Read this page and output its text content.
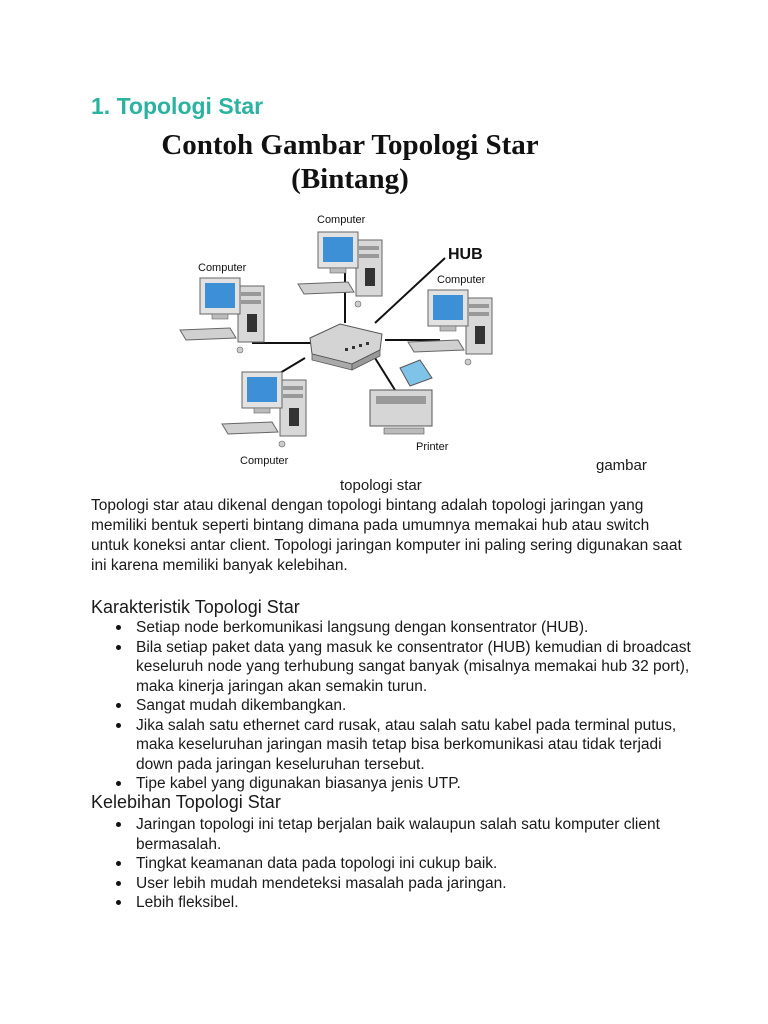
1. Topologi Star
Computer
Computer
Computer
Computer
HUB
Printer
Contoh Gambar Topologi Star
(Bintang)
gambar
topologi star

Topologi star atau dikenal dengan topologi bintang adalah topologi jaringan yang memiliki bentuk seperti bintang dimana pada umumnya memakai hub atau switch untuk koneksi antar client. Topologi jaringan komputer ini paling sering digunakan saat ini karena memiliki banyak kelebihan.

Karakteristik Topologi Star
Setiap node berkomunikasi langsung dengan konsentrator (HUB).
Bila setiap paket data yang masuk ke consentrator (HUB) kemudian di broadcast keseluruh node yang terhubung sangat banyak (misalnya memakai hub 32 port), maka kinerja jaringan akan semakin turun.
Sangat mudah dikembangkan.
Jika salah satu ethernet card rusak, atau salah satu kabel pada terminal putus, maka keseluruhan jaringan masih tetap bisa berkomunikasi atau tidak terjadi down pada jaringan keseluruhan tersebut.
Tipe kabel yang digunakan biasanya jenis UTP.
Kelebihan Topologi Star
Jaringan topologi ini tetap berjalan baik walaupun salah satu komputer client bermasalah.
Tingkat keamanan data pada topologi ini cukup baik.
User lebih mudah mendeteksi masalah pada jaringan.
Lebih fleksibel.
